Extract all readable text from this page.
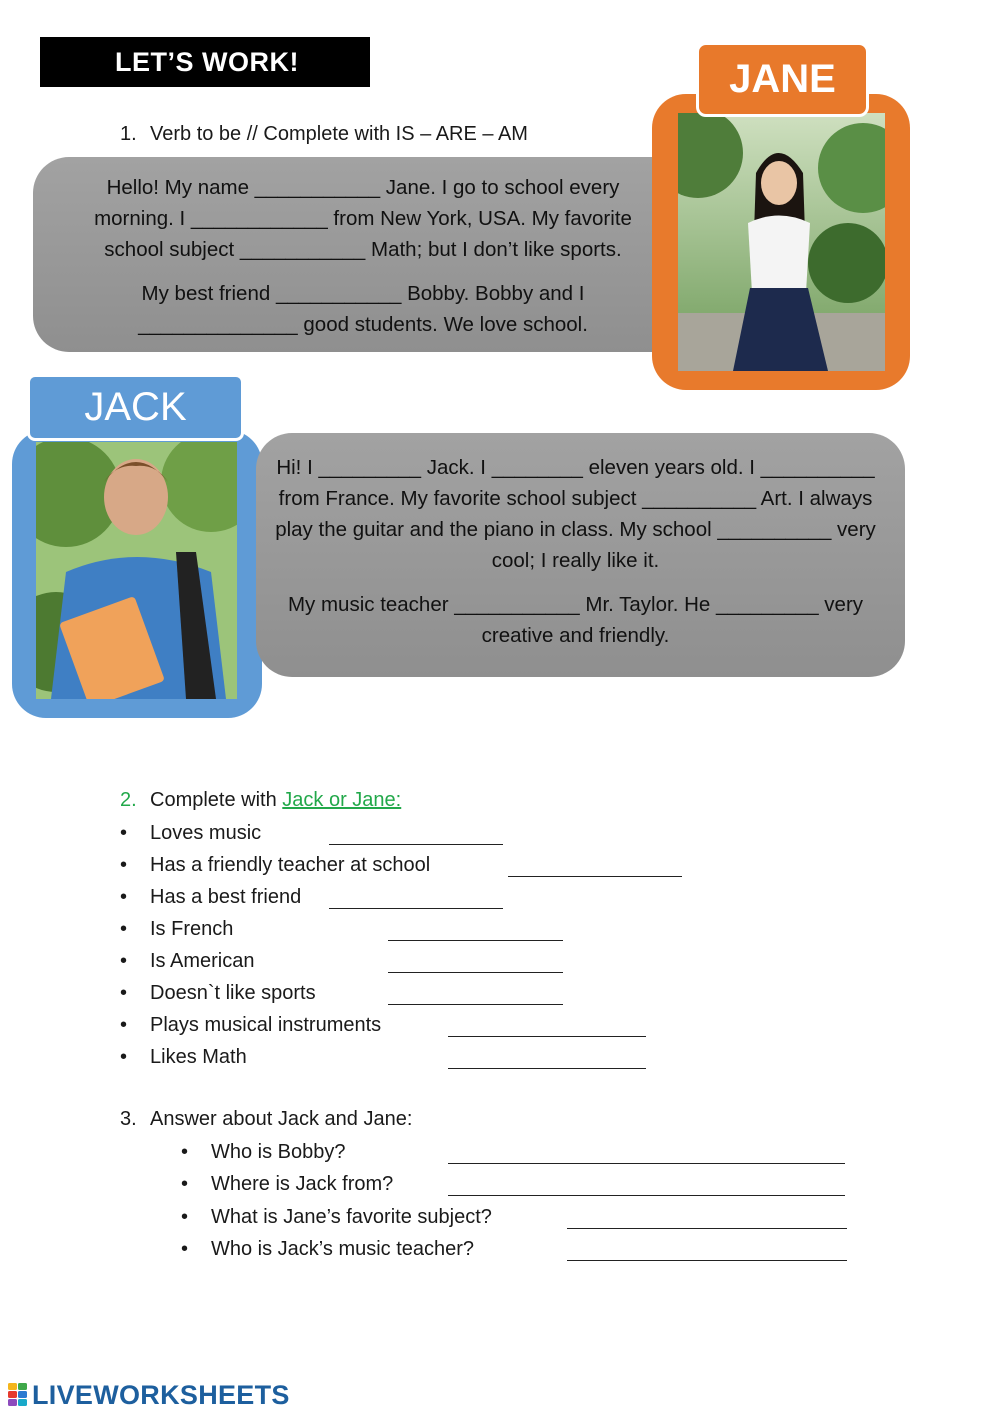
LET’S WORK!
1. Verb to be // Complete with IS – ARE – AM

Hello! My name ___________ Jane. I go to school every morning. I ____________ from New York, USA. My favorite school subject ___________ Math; but I don’t like sports.

My best friend ___________ Bobby. Bobby and I ______________ good students. We love school.

JANE
JACK

Hi! I _________ Jack. I ________ eleven years old. I __________ from France. My favorite school subject __________ Art. I always play the guitar and the piano in class. My school __________ very cool; I really like it.

My music teacher ___________ Mr. Taylor. He _________ very creative and friendly.

2. Complete with Jack or Jane:
• Loves music
• Has a friendly teacher at school
• Has a best friend
• Is French
• Is American
• Doesn`t like sports
• Plays musical instruments
• Likes Math
3. Answer about Jack and Jane:
• Who is Bobby?
• Where is Jack from?
• What is Jane’s favorite subject?
• Who is Jack’s music teacher?
LIVEWORKSHEETS
